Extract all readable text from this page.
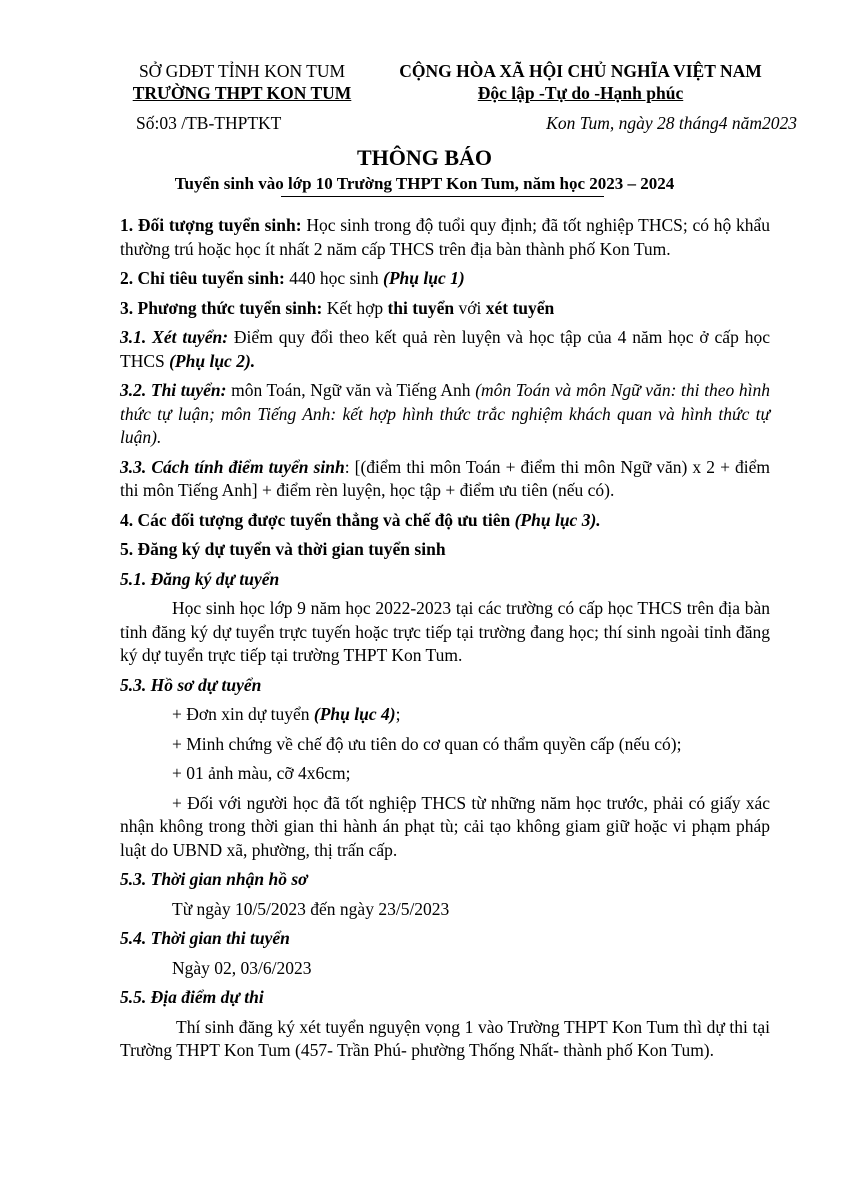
SỞ GDĐT TỈNH KON TUM
TRƯỜNG THPT KON TUM
CỘNG HÒA XÃ HỘI CHỦ NGHĨA VIỆT NAM
Độc lập -Tự do -Hạnh phúc
Số:03 /TB-THPTKT	Kon Tum, ngày 28 tháng4 năm2023
THÔNG BÁO
Tuyển sinh vào lớp 10 Trường THPT Kon Tum, năm học 2023 – 2024

1. Đối tượng tuyển sinh: Học sinh trong độ tuổi quy định; đã tốt nghiệp THCS; có hộ khẩu thường trú hoặc học ít nhất 2 năm cấp THCS trên địa bàn thành phố Kon Tum.

2. Chỉ tiêu tuyển sinh: 440 học sinh (Phụ lục 1)

3. Phương thức tuyển sinh: Kết hợp thi tuyển với xét tuyển

3.1. Xét tuyển: Điểm quy đổi theo kết quả rèn luyện và học tập của 4 năm học ở cấp học THCS (Phụ lục 2).

3.2. Thi tuyển: môn Toán, Ngữ văn và Tiếng Anh (môn Toán và môn Ngữ văn: thi theo hình thức tự luận; môn Tiếng Anh: kết hợp hình thức trắc nghiệm khách quan và hình thức tự luận).

3.3. Cách tính điểm tuyển sinh: [(điểm thi môn Toán + điểm thi môn Ngữ văn) x 2 + điểm thi môn Tiếng Anh] + điểm rèn luyện, học tập + điểm ưu tiên (nếu có).

4. Các đối tượng được tuyển thẳng và chế độ ưu tiên (Phụ lục 3).

5. Đăng ký dự tuyển và thời gian tuyển sinh

5.1. Đăng ký dự tuyển

Học sinh học lớp 9 năm học 2022-2023 tại các trường có cấp học THCS trên địa bàn tỉnh đăng ký dự tuyển trực tuyến hoặc trực tiếp tại trường đang học; thí sinh ngoài tỉnh đăng ký dự tuyển trực tiếp tại trường THPT Kon Tum.

5.3. Hồ sơ dự tuyển

+ Đơn xin dự tuyển (Phụ lục 4);

+ Minh chứng về chế độ ưu tiên do cơ quan có thẩm quyền cấp (nếu có);

+ 01 ảnh màu, cỡ 4x6cm;

+ Đối với người học đã tốt nghiệp THCS từ những năm học trước, phải có giấy xác nhận không trong thời gian thi hành án phạt tù; cải tạo không giam giữ hoặc vi phạm pháp luật do UBND xã, phường, thị trấn cấp.

5.3. Thời gian nhận hồ sơ

Từ ngày 10/5/2023 đến ngày 23/5/2023

5.4. Thời gian thi tuyển

Ngày 02, 03/6/2023

5.5. Địa điểm dự thi

Thí sinh đăng ký xét tuyển nguyện vọng 1 vào Trường THPT Kon Tum thì dự thi tại Trường THPT Kon Tum (457- Trần Phú- phường Thống Nhất- thành phố Kon Tum).
